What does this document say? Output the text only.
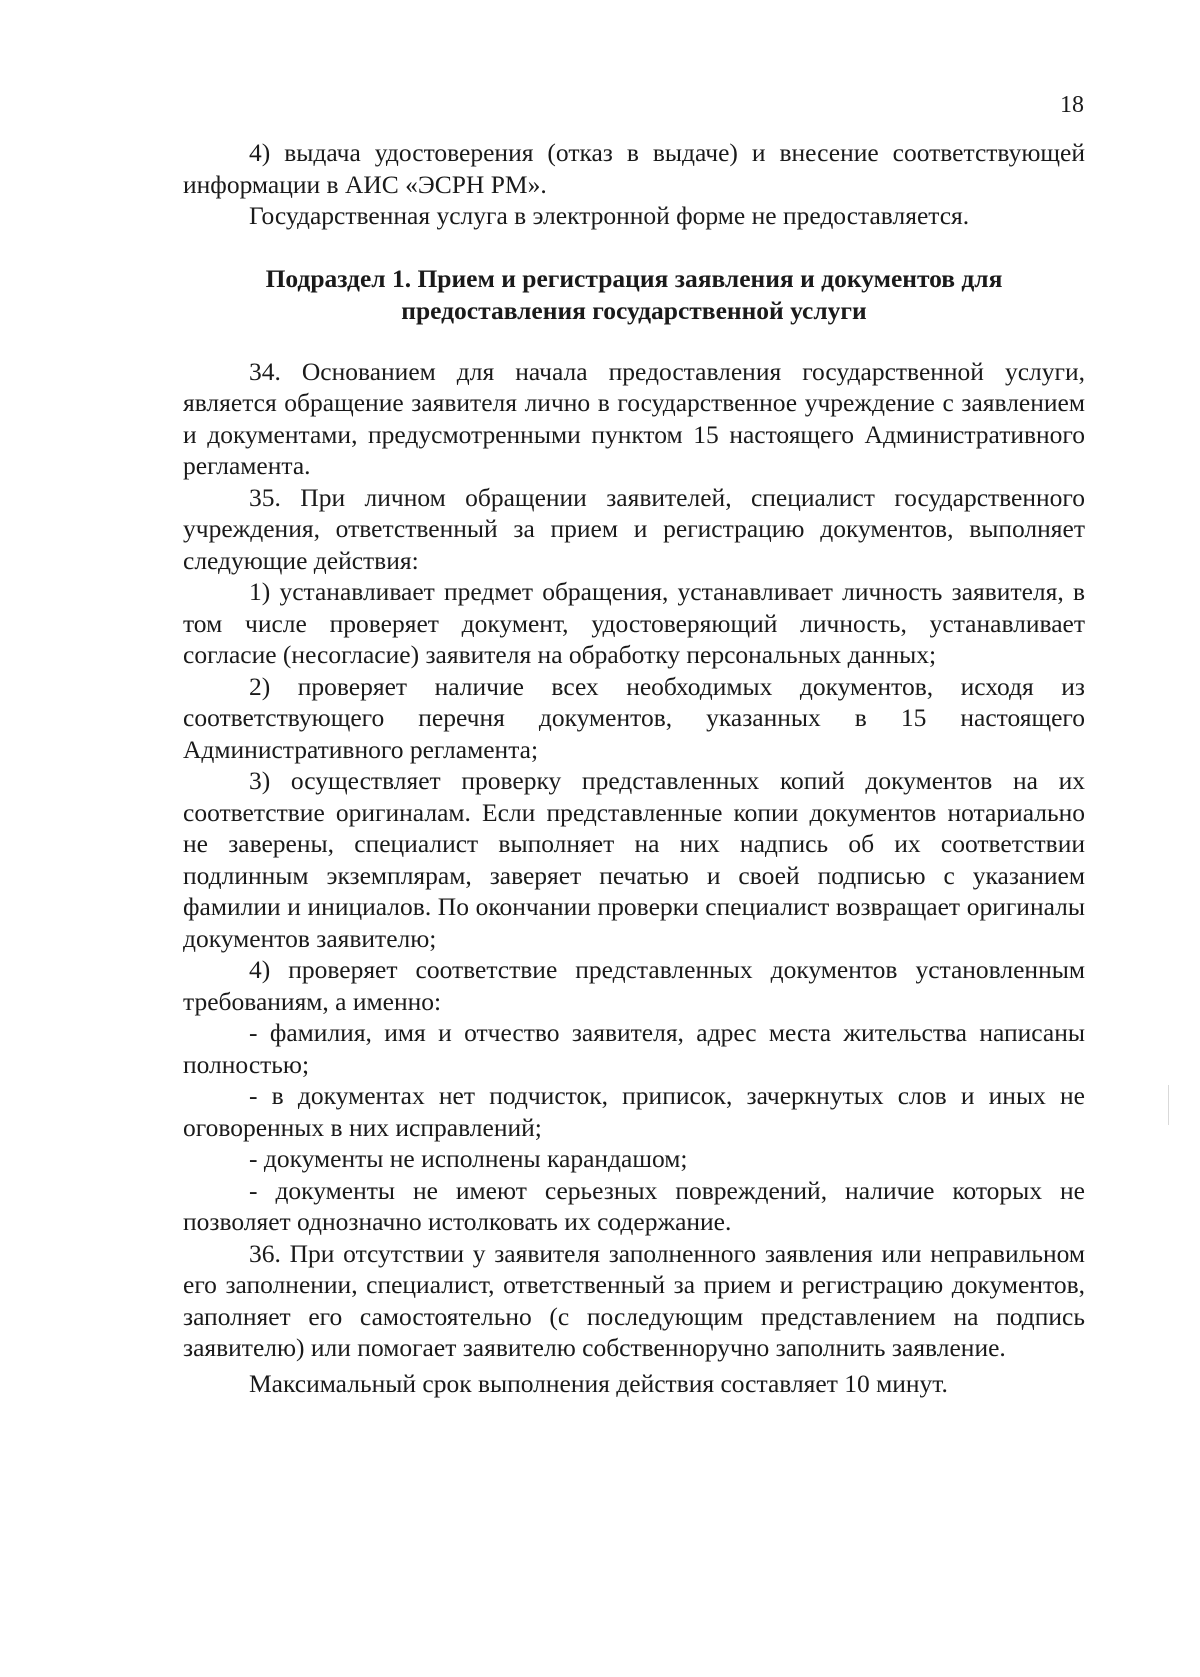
18

4) выдача удостоверения (отказ в выдаче) и внесение соответствующей информации в АИС «ЭСРН РМ».

Государственная услуга в электронной форме не предоставляется.

Подраздел 1. Прием и регистрация заявления и документов для предоставления государственной услуги

34. Основанием для начала предоставления государственной услуги, является обращение заявителя лично в государственное учреждение с заявлением и документами, предусмотренными пунктом 15 настоящего Административного регламента.

35. При личном обращении заявителей, специалист государственного учреждения, ответственный за прием и регистрацию документов, выполняет следующие действия:

1) устанавливает предмет обращения, устанавливает личность заявителя, в том числе проверяет документ, удостоверяющий личность, устанавливает согласие (несогласие) заявителя на обработку персональных данных;

2) проверяет наличие всех необходимых документов, исходя из соответствующего перечня документов, указанных в 15 настоящего Административного регламента;

3) осуществляет проверку представленных копий документов на их соответствие оригиналам. Если представленные копии документов нотариально не заверены, специалист выполняет на них надпись об их соответствии подлинным экземплярам, заверяет печатью и своей подписью с указанием фамилии и инициалов. По окончании проверки специалист возвращает оригиналы документов заявителю;

4) проверяет соответствие представленных документов установленным требованиям, а именно:

- фамилия, имя и отчество заявителя, адрес места жительства написаны полностью;

- в документах нет подчисток, приписок, зачеркнутых слов и иных не оговоренных в них исправлений;

- документы не исполнены карандашом;

- документы не имеют серьезных повреждений, наличие которых не позволяет однозначно истолковать их содержание.

36. При отсутствии у заявителя заполненного заявления или неправильном его заполнении, специалист, ответственный за прием и регистрацию документов, заполняет его самостоятельно (с последующим представлением на подпись заявителю) или помогает заявителю собственноручно заполнить заявление.

Максимальный срок выполнения действия составляет 10 минут.
